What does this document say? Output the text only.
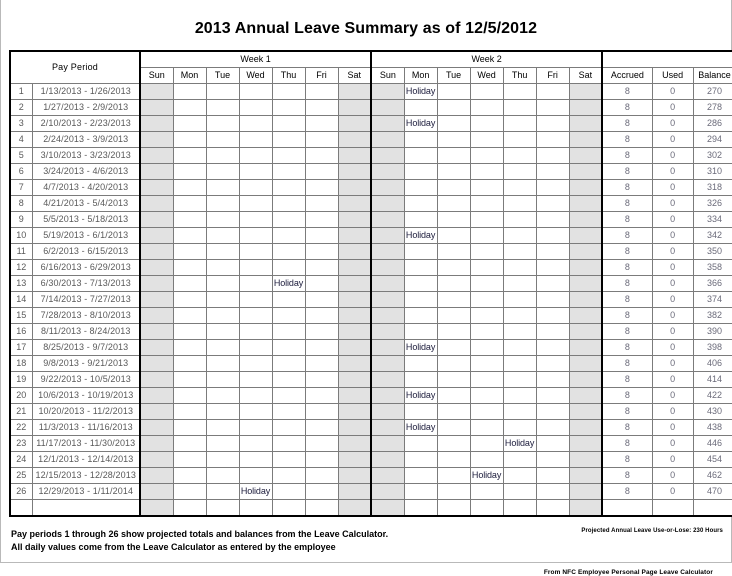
2013 Annual Leave Summary as of 12/5/2012
Pay Period		Week 1							Week 2									
		Sun	Mon	Tue	Wed	Thu	Fri	Sat	Sun	Mon	Tue	Wed	Thu	Fri	Sat	Accrued	Used	Balance
1	1/13/2013 - 1/26/2013									Holiday						8	0	270
2	1/27/2013 - 2/9/2013															8	0	278
3	2/10/2013 - 2/23/2013									Holiday						8	0	286
4	2/24/2013 - 3/9/2013															8	0	294
5	3/10/2013 - 3/23/2013															8	0	302
6	3/24/2013 - 4/6/2013															8	0	310
7	4/7/2013 - 4/20/2013															8	0	318
8	4/21/2013 - 5/4/2013															8	0	326
9	5/5/2013 - 5/18/2013															8	0	334
10	5/19/2013 - 6/1/2013									Holiday						8	0	342
11	6/2/2013 - 6/15/2013															8	0	350
12	6/16/2013 - 6/29/2013															8	0	358
13	6/30/2013 - 7/13/2013					Holiday										8	0	366
14	7/14/2013 - 7/27/2013															8	0	374
15	7/28/2013 - 8/10/2013															8	0	382
16	8/11/2013 - 8/24/2013															8	0	390
17	8/25/2013 - 9/7/2013									Holiday						8	0	398
18	9/8/2013 - 9/21/2013															8	0	406
19	9/22/2013 - 10/5/2013															8	0	414
20	10/6/2013 - 10/19/2013									Holiday						8	0	422
21	10/20/2013 - 11/2/2013															8	0	430
22	11/3/2013 - 11/16/2013									Holiday						8	0	438
23	11/17/2013 - 11/30/2013												Holiday			8	0	446
24	12/1/2013 - 12/14/2013															8	0	454
25	12/15/2013 - 12/28/2013											Holiday				8	0	462
26	12/29/2013 - 1/11/2014				Holiday											8	0	470

Projected Annual Leave Use-or-Lose: 230 Hours
Pay periods 1 through 26 show projected totals and balances from the Leave Calculator.
All daily values come from the Leave Calculator as entered by the employee
From NFC Employee Personal Page Leave Calculator
